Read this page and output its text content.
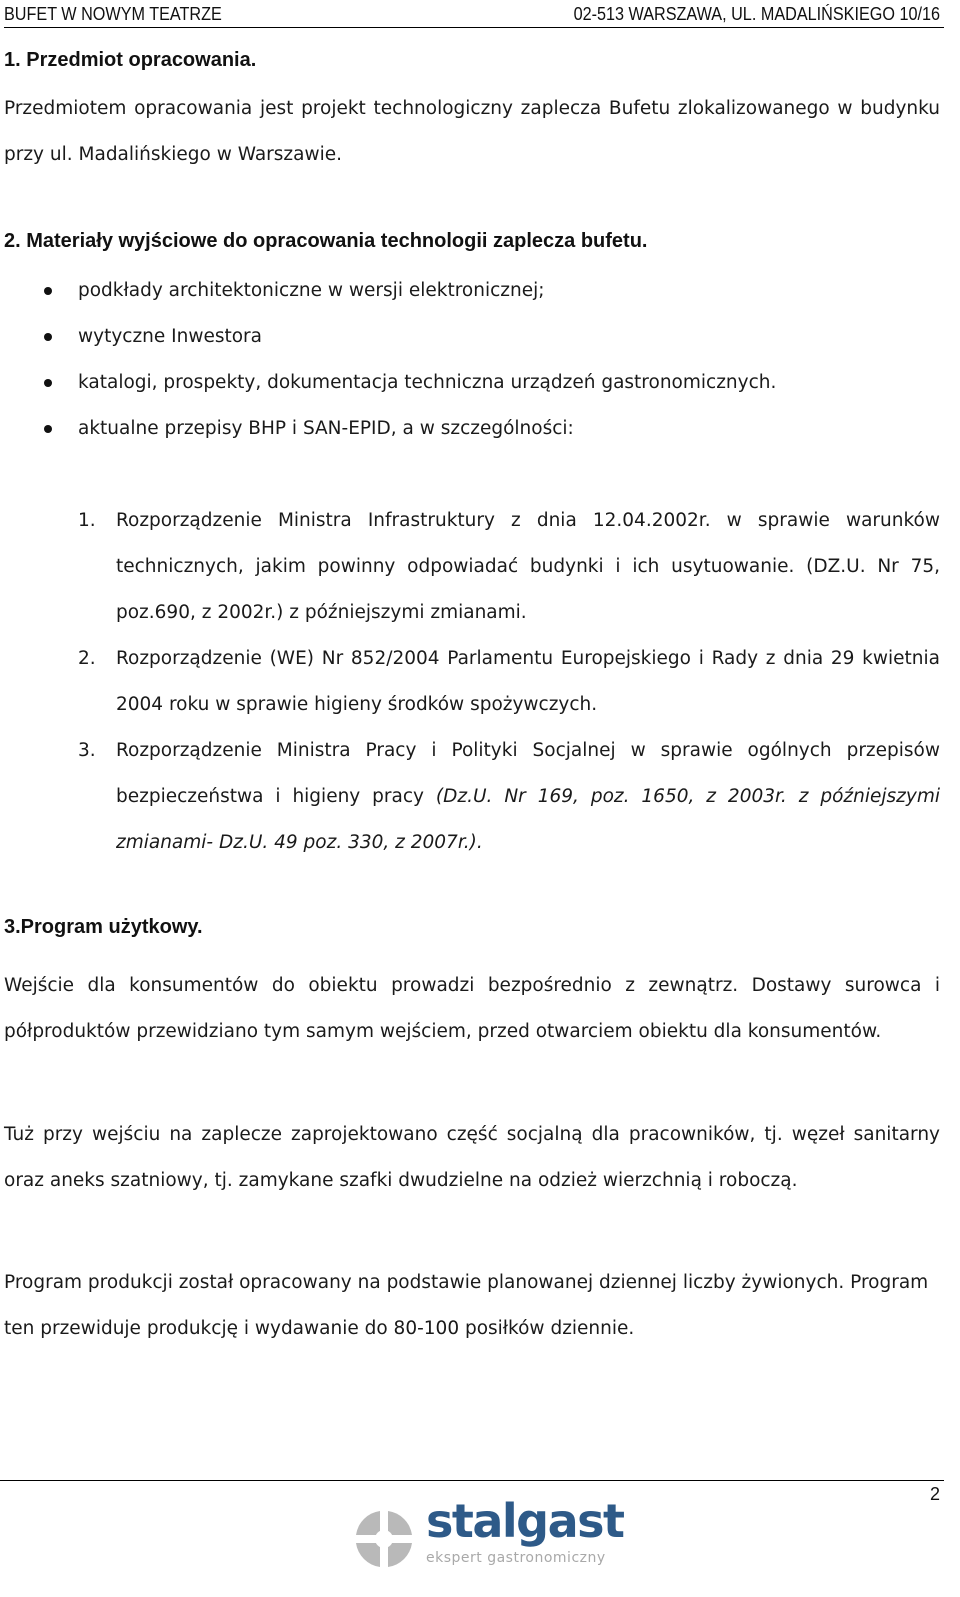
BUFET W NOWYM TEATRZE	02-513 WARSZAWA, UL. MADALIŃSKIEGO 10/16
1. Przedmiot opracowania.
Przedmiotem opracowania jest projekt technologiczny zaplecza Bufetu zlokalizowanego w budynku przy ul. Madalińskiego w Warszawie.
2. Materiały wyjściowe do opracowania technologii zaplecza bufetu.
podkłady architektoniczne w wersji elektronicznej;
wytyczne Inwestora
katalogi, prospekty, dokumentacja techniczna urządzeń gastronomicznych.
aktualne przepisy BHP i SAN-EPID, a w szczególności:
1. Rozporządzenie Ministra Infrastruktury z dnia 12.04.2002r. w sprawie warunków technicznych, jakim powinny odpowiadać budynki i ich usytuowanie. (DZ.U. Nr 75, poz.690, z 2002r.) z późniejszymi zmianami.
2. Rozporządzenie (WE) Nr 852/2004 Parlamentu Europejskiego i Rady z dnia 29 kwietnia 2004 roku w sprawie higieny środków spożywczych.
3. Rozporządzenie Ministra Pracy i Polityki Socjalnej w sprawie ogólnych przepisów bezpieczeństwa i higieny pracy (Dz.U. Nr 169, poz. 1650, z 2003r. z późniejszymi zmianami- Dz.U. 49 poz. 330, z 2007r.).
3.Program użytkowy.
Wejście dla konsumentów do obiektu prowadzi bezpośrednio z zewnątrz. Dostawy surowca i półproduktów przewidziano tym samym wejściem, przed otwarciem obiektu dla konsumentów.
Tuż przy wejściu na zaplecze zaprojektowano część socjalną dla pracowników, tj. węzeł sanitarny oraz aneks szatniowy, tj. zamykane szafki dwudzielne na odzież wierzchnią i roboczą.
Program produkcji został opracowany na podstawie planowanej dziennej liczby żywionych. Program ten przewiduje produkcję i wydawanie do 80-100 posiłków dziennie.
2
stalgast
ekspert gastronomiczny
